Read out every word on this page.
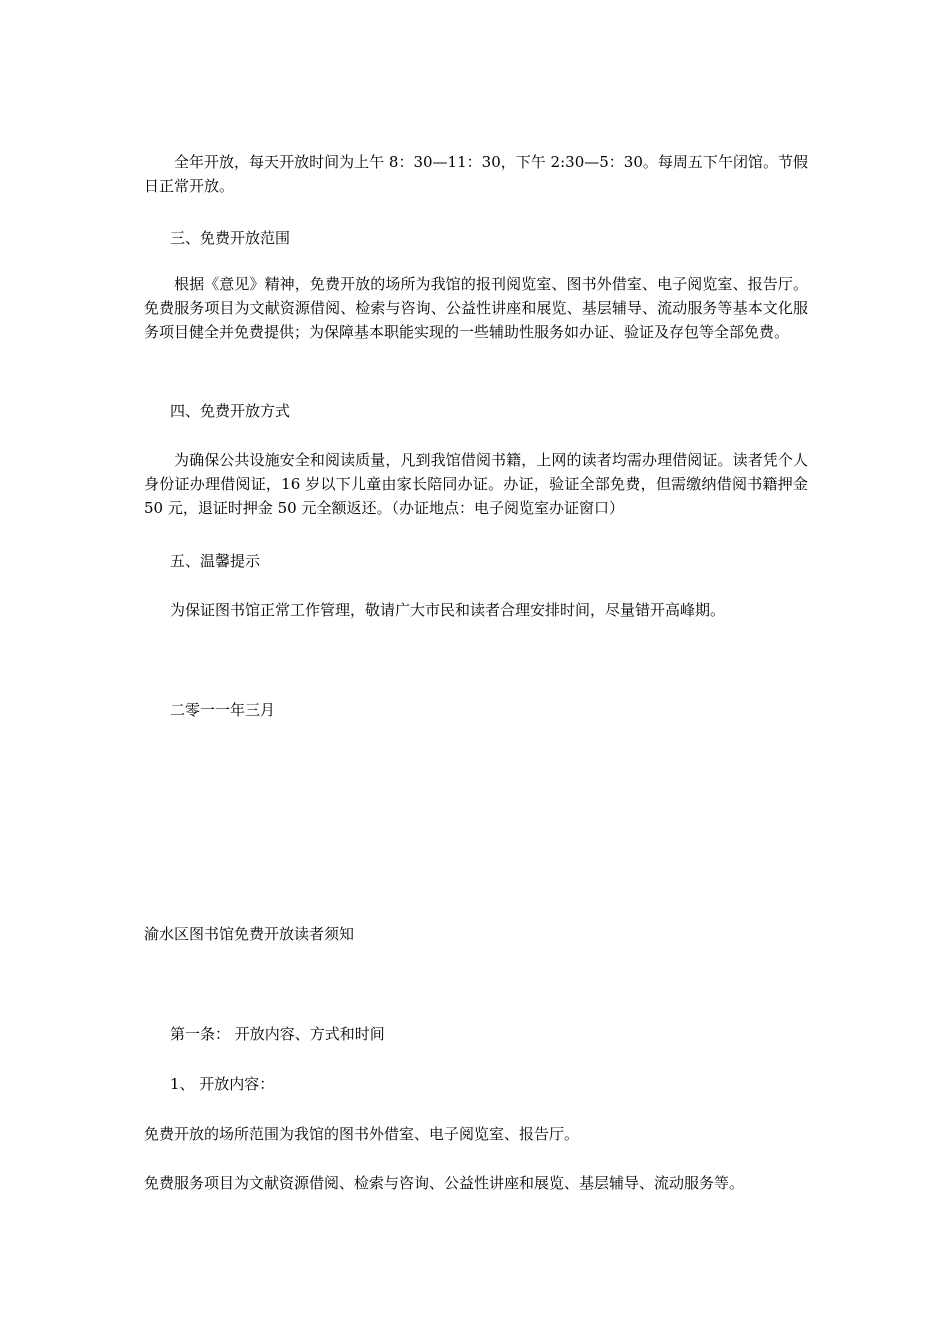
全年开放，每天开放时间为上午 8：30—11：30，下午 2:30—5：30。每周五下午闭馆。节假日正常开放。

三、免费开放范围

根据《意见》精神，免费开放的场所为我馆的报刊阅览室、图书外借室、电子阅览室、报告厅。免费服务项目为文献资源借阅、检索与咨询、公益性讲座和展览、基层辅导、流动服务等基本文化服务项目健全并免费提供；为保障基本职能实现的一些辅助性服务如办证、验证及存包等全部免费。

四、免费开放方式

为确保公共设施安全和阅读质量，凡到我馆借阅书籍，上网的读者均需办理借阅证。读者凭个人身份证办理借阅证，16 岁以下儿童由家长陪同办证。办证，验证全部免费，但需缴纳借阅书籍押金 50 元，退证时押金 50 元全额返还。（办证地点：电子阅览室办证窗口）

五、温馨提示

为保证图书馆正常工作管理，敬请广大市民和读者合理安排时间，尽量错开高峰期。

二零一一年三月

渝水区图书馆免费开放读者须知

第一条： 开放内容、方式和时间

1、 开放内容：

免费开放的场所范围为我馆的图书外借室、电子阅览室、报告厅。

免费服务项目为文献资源借阅、检索与咨询、公益性讲座和展览、基层辅导、流动服务等。
